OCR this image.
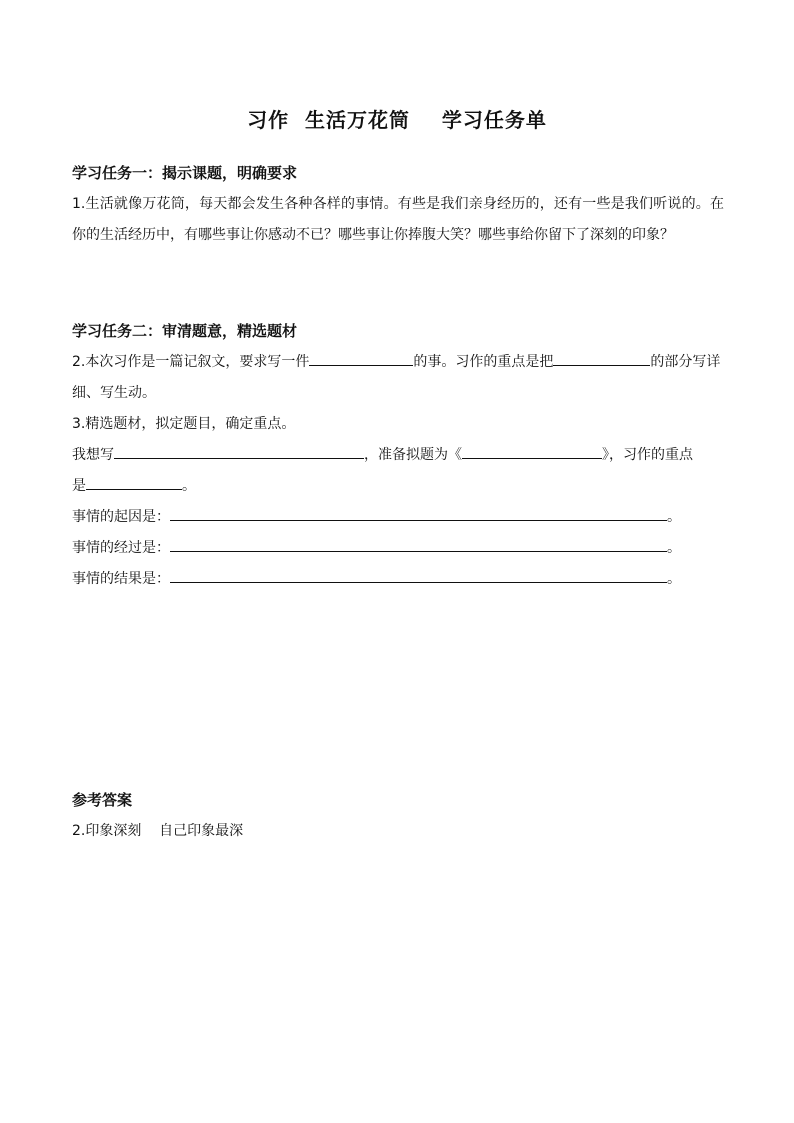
习作  生活万花筒    学习任务单
学习任务一：揭示课题，明确要求
1.生活就像万花筒，每天都会发生各种各样的事情。有些是我们亲身经历的，还有一些是我们听说的。在你的生活经历中，有哪些事让你感动不已？哪些事让你捧腹大笑？哪些事给你留下了深刻的印象？
学习任务二：审清题意，精选题材
2.本次习作是一篇记叙文，要求写一件	的事。习作的重点是把	的部分写详细、写生动。
3.精选题材，拟定题目，确定重点。
我想写	，准备拟题为《	》，习作的重点
是	。
事情的起因是：	。
事情的经过是：	。
事情的结果是：	。
参考答案
2.印象深刻    自己印象最深
